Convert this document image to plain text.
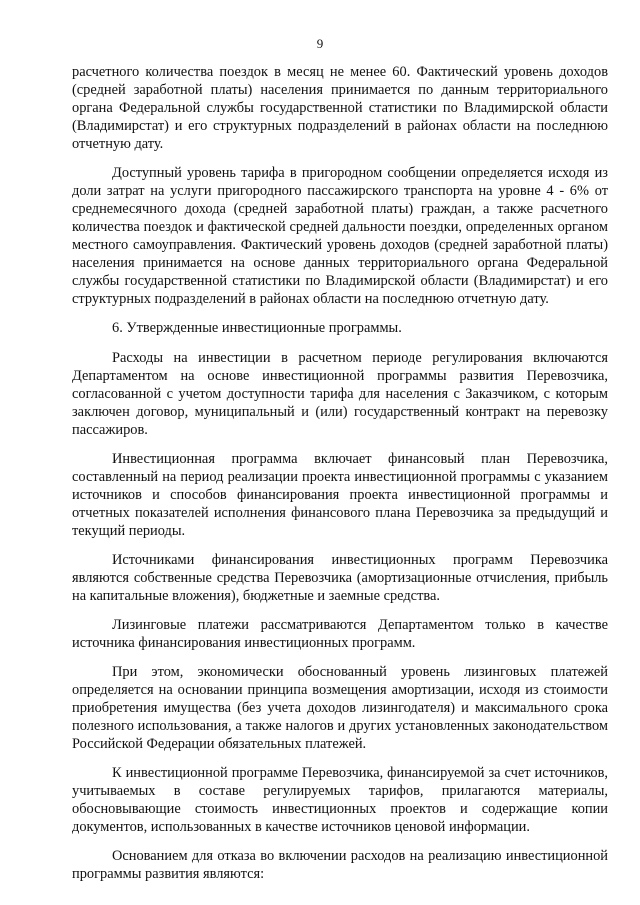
9

расчетного количества поездок в месяц не менее 60. Фактический уровень доходов (средней заработной платы) населения принимается по данным территориального органа Федеральной службы государственной статистики по Владимирской области (Владимирстат) и его структурных подразделений в районах области на последнюю отчетную дату.

Доступный уровень тарифа в пригородном сообщении определяется исходя из доли затрат на услуги пригородного пассажирского транспорта на уровне 4 - 6% от среднемесячного дохода (средней заработной платы) граждан, а также расчетного количества поездок и фактической средней дальности поездки, определенных органом местного самоуправления. Фактический уровень доходов (средней заработной платы) населения принимается на основе данных территориального органа Федеральной службы государственной статистики по Владимирской области (Владимирстат) и его структурных подразделений в районах области на последнюю отчетную дату.

6. Утвержденные инвестиционные программы.

Расходы на инвестиции в расчетном периоде регулирования включаются Департаментом на основе инвестиционной программы развития Перевозчика, согласованной с учетом доступности тарифа для населения с Заказчиком, с которым заключен договор, муниципальный и (или) государственный контракт на перевозку пассажиров.

Инвестиционная программа включает финансовый план Перевозчика, составленный на период реализации проекта инвестиционной программы с указанием источников и способов финансирования проекта инвестиционной программы и отчетных показателей исполнения финансового плана Перевозчика за предыдущий и текущий периоды.

Источниками финансирования инвестиционных программ Перевозчика являются собственные средства Перевозчика (амортизационные отчисления, прибыль на капитальные вложения), бюджетные и заемные средства.

Лизинговые платежи рассматриваются Департаментом только в качестве источника финансирования инвестиционных программ.

При этом, экономически обоснованный уровень лизинговых платежей определяется на основании принципа возмещения амортизации, исходя из стоимости приобретения имущества (без учета доходов лизингодателя) и максимального срока полезного использования, а также налогов и других установленных законодательством Российской Федерации обязательных платежей.

К инвестиционной программе Перевозчика, финансируемой за счет источников, учитываемых в составе регулируемых тарифов, прилагаются материалы, обосновывающие стоимость инвестиционных проектов и содержащие копии документов, использованных в качестве источников ценовой информации.

Основанием для отказа во включении расходов на реализацию инвестиционной программы развития являются:
